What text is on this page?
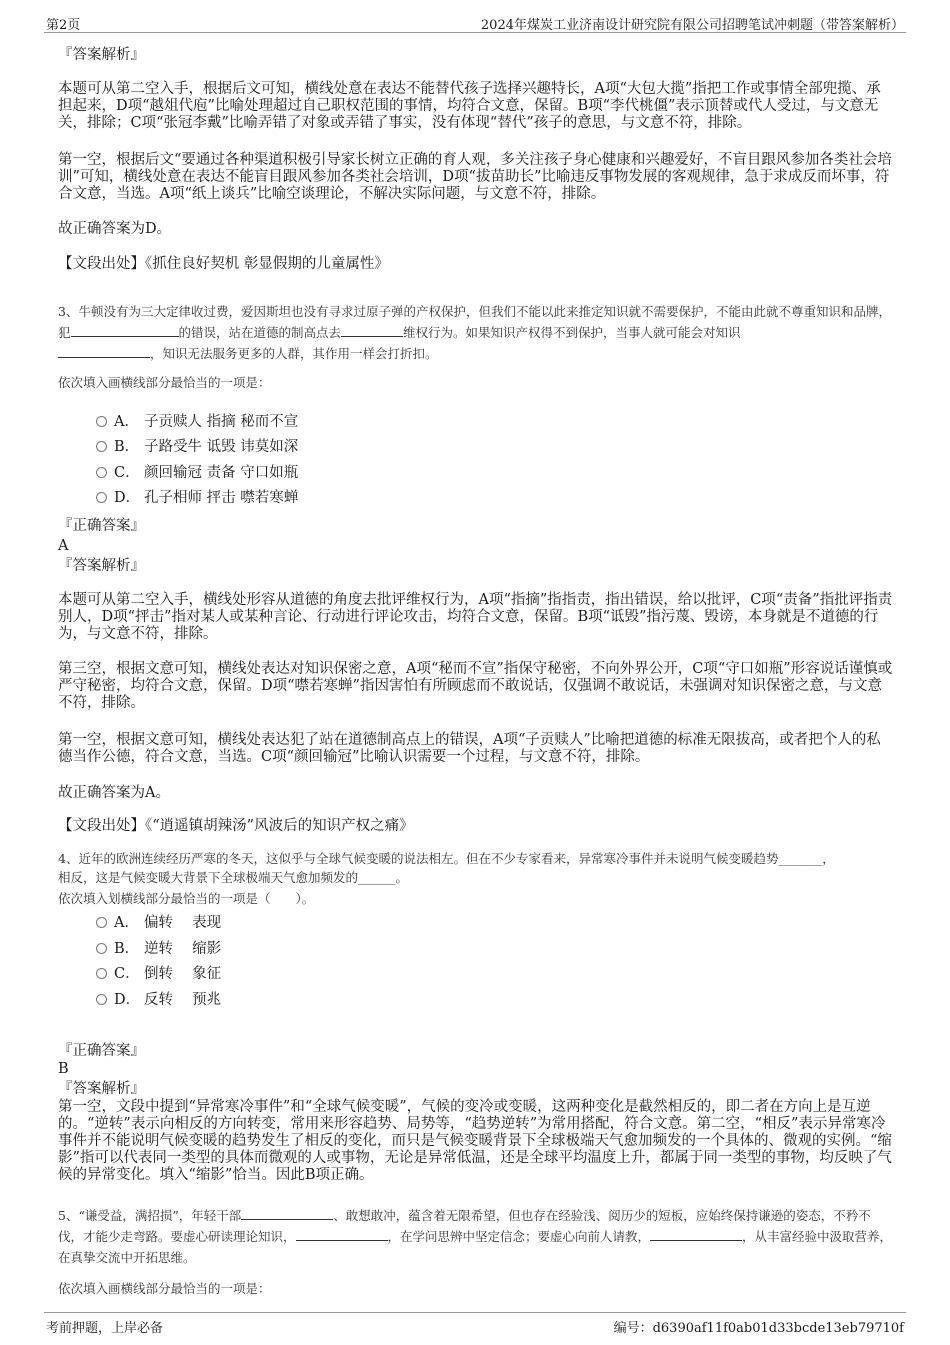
第2页	2024年煤炭工业济南设计研究院有限公司招聘笔试冲刺题（带答案解析）
『答案解析』

本题可从第二空入手，根据后文可知，横线处意在表达不能替代孩子选择兴趣特长，A项“大包大揽”指把工作或事情全部兜揽、承担起来，D项“越俎代庖”比喻处理超过自己职权范围的事情，均符合文意，保留。B项“李代桃僵”表示顶替或代人受过，与文意无关，排除；C项“张冠李戴”比喻弄错了对象或弄错了事实，没有体现“替代”孩子的意思，与文意不符，排除。

第一空，根据后文“要通过各种渠道积极引导家长树立正确的育人观，多关注孩子身心健康和兴趣爱好，不盲目跟风参加各类社会培训”可知，横线处意在表达不能盲目跟风参加各类社会培训，D项“拔苗助长”比喻违反事物发展的客观规律，急于求成反而坏事，符合文意，当选。A项“纸上谈兵”比喻空谈理论，不解决实际问题，与文意不符，排除。

故正确答案为D。

【文段出处】《抓住良好契机 彰显假期的儿童属性》

3、牛顿没有为三大定律收过费，爱因斯坦也没有寻求过原子弹的产权保护，但我们不能以此来推定知识就不需要保护，不能由此就不尊重知识和品牌，犯	的错误，站在道德的制高点去	维权行为。如果知识产权得不到保护，当事人就可能会对知识
，知识无法服务更多的人群，其作用一样会打折扣。

依次填入画横线部分最恰当的一项是：

A． 子贡赎人 指摘 秘而不宣
B． 子路受牛 诋毁 讳莫如深
C． 颜回输冠 责备 守口如瓶
D． 孔子相师 抨击 噤若寒蝉
『正确答案』
A
『答案解析』

本题可从第二空入手，横线处形容从道德的角度去批评维权行为，A项“指摘”指指责，指出错误，给以批评，C项“责备”指批评指责别人，D项“抨击”指对某人或某种言论、行动进行评论攻击，均符合文意，保留。B项“诋毁”指污蔑、毁谤，本身就是不道德的行为，与文意不符，排除。

第三空，根据文意可知，横线处表达对知识保密之意，A项“秘而不宣”指保守秘密，不向外界公开，C项“守口如瓶”形容说话谨慎或严守秘密，均符合文意，保留。D项“噤若寒蝉”指因害怕有所顾虑而不敢说话，仅强调不敢说话，未强调对知识保密之意，与文意不符，排除。

第一空，根据文意可知，横线处表达犯了站在道德制高点上的错误，A项“子贡赎人”比喻把道德的标准无限拔高，或者把个人的私德当作公德，符合文意，当选。C项“颜回输冠”比喻认识需要一个过程，与文意不符，排除。

故正确答案为A。

【文段出处】《“逍遥镇胡辣汤”风波后的知识产权之痛》

4、近年的欧洲连续经历严寒的冬天，这似乎与全球气候变暖的说法相左。但在不少专家看来，异常寒冷事件并未说明气候变暖趋势_______，
相反，这是气候变暖大背景下全球极端天气愈加频发的______。

依次填入划横线部分最恰当的一项是（　　）。

A． 偏转　 表现
B． 逆转　 缩影
C． 倒转　 象征
D． 反转　 预兆
『正确答案』
B
『答案解析』

第一空，文段中提到“异常寒冷事件”和“全球气候变暖”，气候的变冷或变暖，这两种变化是截然相反的，即二者在方向上是互逆的。“逆转”表示向相反的方向转变，常用来形容趋势、局势等，“趋势逆转”为常用搭配，符合文意。第二空，“相反”表示异常寒冷事件并不能说明气候变暖的趋势发生了相反的变化，而只是气候变暖背景下全球极端天气愈加频发的一个具体的、微观的实例。“缩影”指可以代表同一类型的具体而微观的人或事物，无论是异常低温，还是全球平均温度上升，都属于同一类型的事物，均反映了气候的异常变化。填入“缩影”恰当。因此B项正确。

5、“谦受益，满招损”，年轻干部	、敢想敢冲，蕴含着无限希望，但也存在经验浅、阅历少的短板，应始终保持谦逊的姿态，不矜不伐，才能少走弯路。要虚心研读理论知识，	，在学问思辨中坚定信念；要虚心向前人请教，	，从丰富经验中汲取营养，在真挚交流中开拓思维。

依次填入画横线部分最恰当的一项是：

考前押题，上岸必备	编号：d6390af11f0ab01d33bcde13eb79710f
